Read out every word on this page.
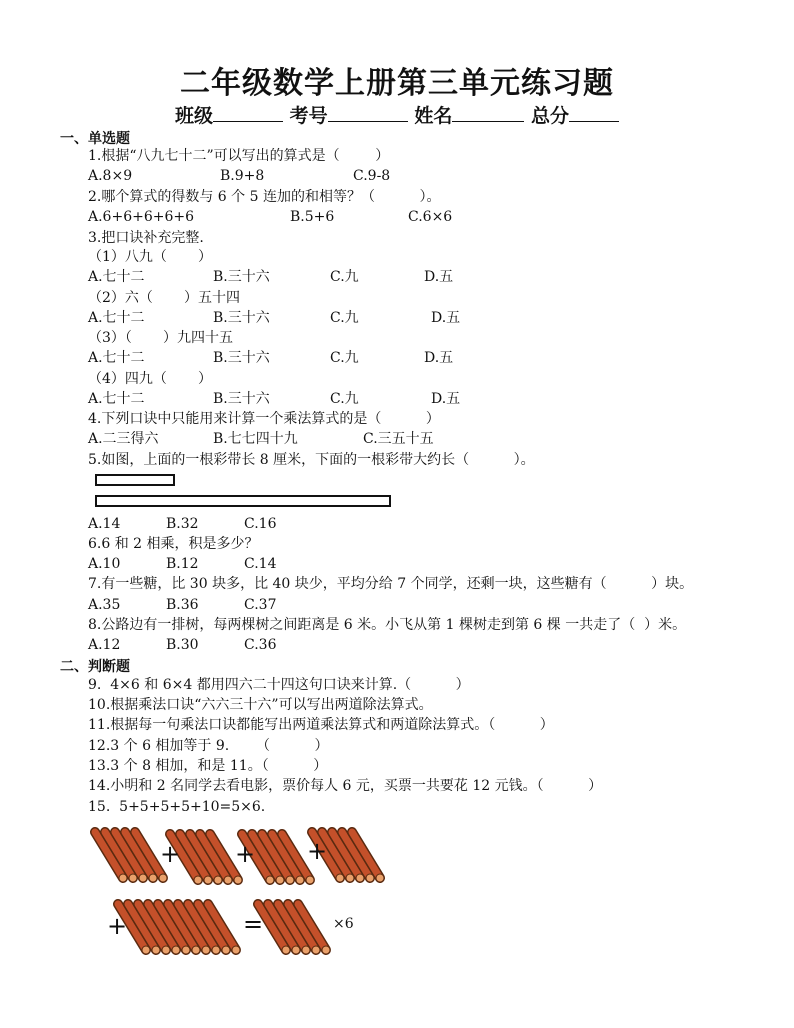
二年级数学上册第三单元练习题
班级	考号	姓名	总分
一、单选题
1.根据“八九七十二”可以写出的算式是（        ）
A.8×9	B.9+8	C.9-8
2.哪个算式的得数与 6 个 5 连加的和相等？（          ）。
A.6+6+6+6+6	B.5+6	C.6×6
3.把口诀补充完整.
（1）八九（       ）
A.七十二	B.三十六	C.九	D.五
（2）六（       ）五十四
A.七十二	B.三十六	C.九	D.五
（3）（       ）九四十五
A.七十二	B.三十六	C.九	D.五
（4）四九（       ）
A.七十二	B.三十六	C.九	D.五
4.下列口诀中只能用来计算一个乘法算式的是（          ）
A.二三得六	B.七七四十九	C.三五十五
5.如图，上面的一根彩带长 8 厘米，下面的一根彩带大约长（          ）。
A.14	B.32	C.16
6.6 和 2 相乘，积是多少？
A.10	B.12	C.14
7.有一些糖，比 30 块多，比 40 块少，平均分给 7 个同学，还剩一块，这些糖有（          ）块。
A.35	B.36	C.37
8.公路边有一排树，每两棵树之间距离是 6 米。小飞从第 1 棵树走到第 6 棵 一共走了（  ）米。
A.12	B.30	C.36
二、判断题
9.  4×6 和 6×4 都用四六二十四这句口诀来计算.（          ）
10.根据乘法口诀“六六三十六”可以写出两道除法算式。
11.根据每一句乘法口诀都能写出两道乘法算式和两道除法算式。（          ）
12.3 个 6 相加等于 9.      （          ）
13.3 个 8 相加，和是 11。（          ）
14.小明和 2 名同学去看电影，票价每人 6 元，买票一共要花 12 元钱。（          ）
15.  5+5+5+5+10=5×6.
+ + +
+	=	×6
